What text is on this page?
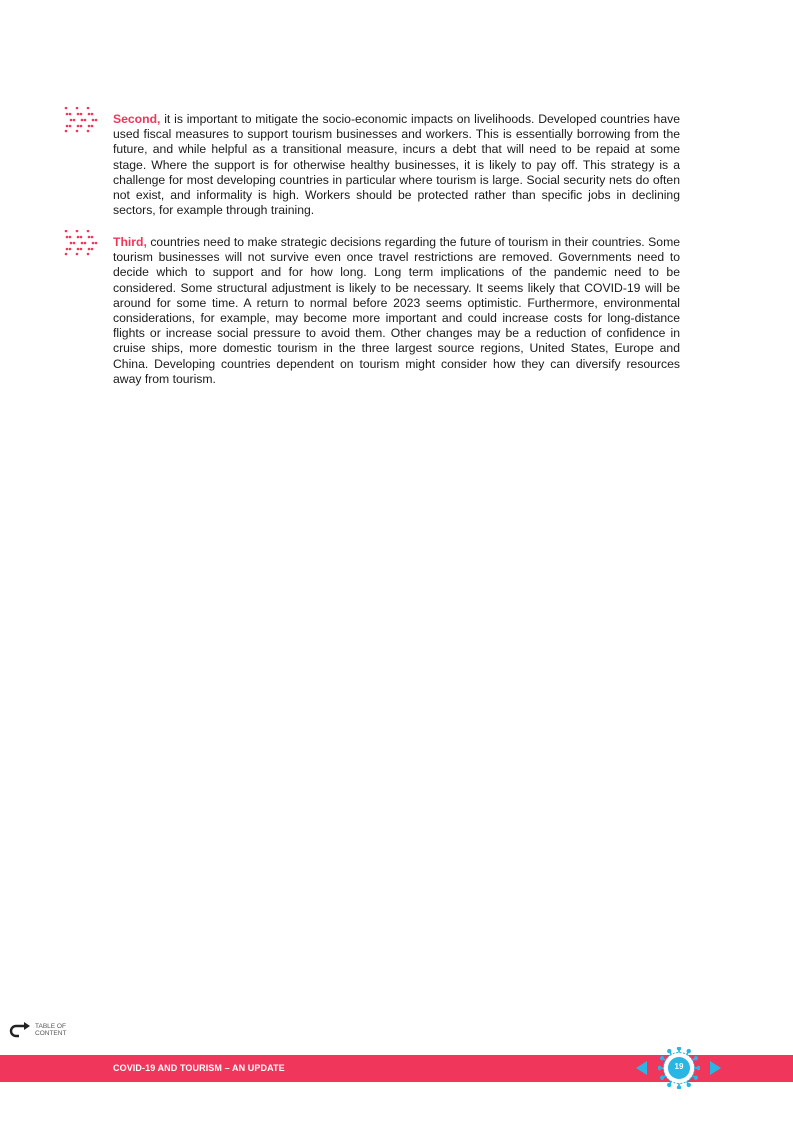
Second, it is important to mitigate the socio-economic impacts on livelihoods. Developed countries have used fiscal measures to support tourism businesses and workers. This is essentially borrowing from the future, and while helpful as a transitional measure, incurs a debt that will need to be repaid at some stage. Where the support is for otherwise healthy businesses, it is likely to pay off. This strategy is a challenge for most developing countries in particular where tourism is large. Social security nets do often not exist, and informality is high. Workers should be protected rather than specific jobs in declining sectors, for example through training.
Third, countries need to make strategic decisions regarding the future of tourism in their countries. Some tourism businesses will not survive even once travel restrictions are removed. Governments need to decide which to support and for how long. Long term implications of the pandemic need to be considered. Some structural adjustment is likely to be necessary. It seems likely that COVID-19 will be around for some time. A return to normal before 2023 seems optimistic. Furthermore, environmental considerations, for example, may become more important and could increase costs for long-distance flights or increase social pressure to avoid them. Other changes may be a reduction of confidence in cruise ships, more domestic tourism in the three largest source regions, United States, Europe and China. Developing countries dependent on tourism might consider how they can diversify resources away from tourism.
TABLE OF CONTENT
COVID-19 AND TOURISM – AN UPDATE	19
